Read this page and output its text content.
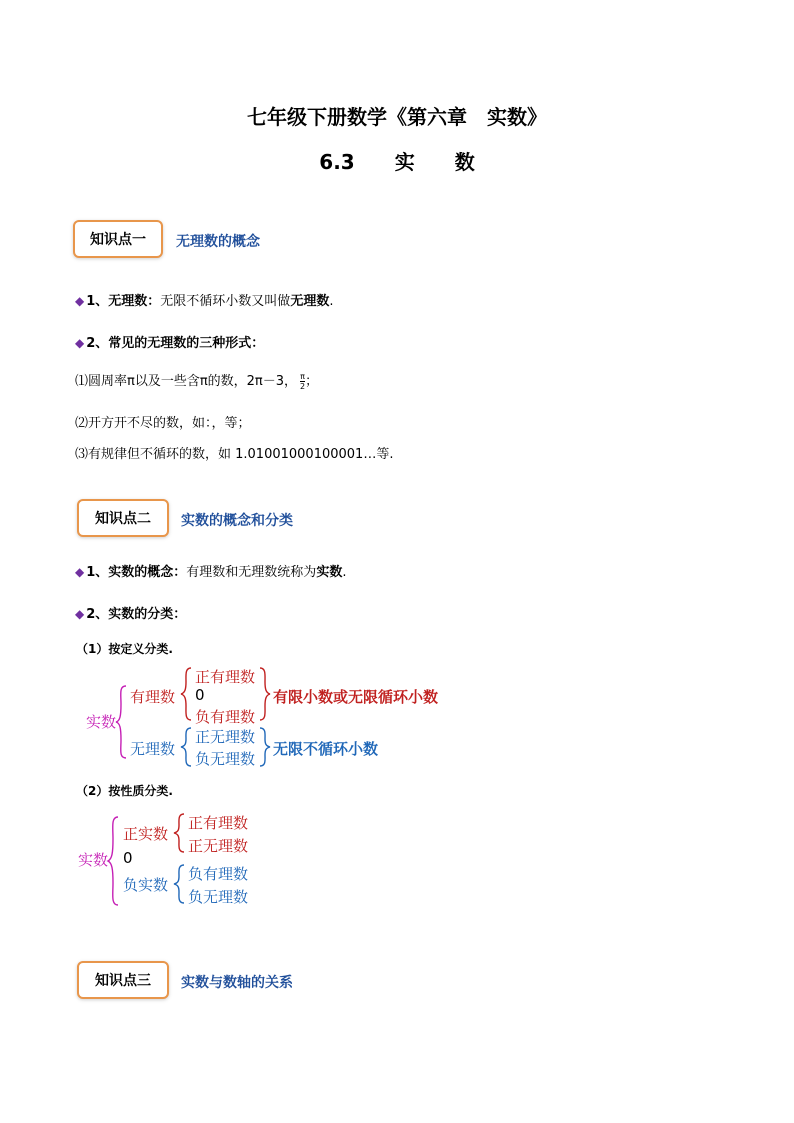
七年级下册数学《第六章　实数》
6.3　　实　　数
知识点一 无理数的概念
◆ 1、无理数：无限不循环小数又叫做无理数.
◆ 2、常见的无理数的三种形式：
⑴圆周率π以及一些含π的数，2π－3， $\frac{\pi}{2}$ ；
⑵开方开不尽的数，如：，等；
⑶有规律但不循环的数，如 1.01001000100001…等.
知识点二 实数的概念和分类
◆ 1、实数的概念：有理数和无理数统称为实数.
◆ 2、实数的分类：
（1）按定义分类.
实数
有理数
正有理数
0
负有理数
有限小数或无限循环小数
无理数
正无理数
负无理数
无限不循环小数
（2）按性质分类.
实数
正实数
正有理数
正无理数
0
负实数
负有理数
负无理数
知识点三 实数与数轴的关系
